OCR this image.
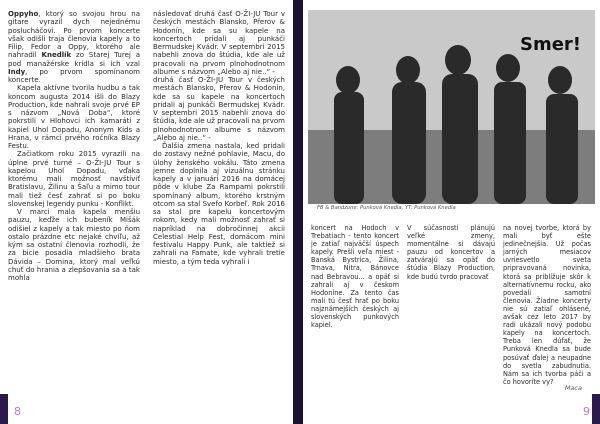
Oppyho, ktorý so svojou hrou na gitare vyrazil dych nejednému poslucháčovi. Po prvom koncerte však odišli traja členovia kapely a to Filip, Fedor a Oppy, ktorého ale nahradil Knedlík zo Starej Turej a pod manažérske krídla si ich vzal Indy, po prvom spomínanom koncerte.

Kapela aktívne tvorila hudbu a tak koncom augusta 2014 išli do Blazy Production, kde nahrali svoje prvé EP s názvom „Nová Doba“, ktoré pokrstili v Hlohovci ich kamaráti z kapiel Uhol Dopadu, Anonym Kids a Hrana, v rámci prvého ročníka Blazy Festu.

Začiatkom roku 2015 vyrazili na úplne prvé turné – O-ŽI-JU Tour s kapelou Uhol Dopadu, vďaka ktorému mali možnosť navštíviť Bratislavu, Žilinu a Šaľu a mimo tour mali tiež česť zahrať si po boku slovenskej legendy punku - Konflikt.

V marci mala kapela menšiu pauzu, keďže ich bubeník Mišák odišiel z kapely a tak miesto po ňom ostalo prázdne etc nejaké chvíľu, až kým sa ostatní členovia rozhodli, že za bicie posadia mladšieho brata Dávida – Domina, ktorý mal veľkú chuť do hrania a zlepšovania sa a tak mohla

následovať druhá časť O-ŽI-JU Tour v českých mestách Blansko, Přerov & Hodonín, kde sa su kapele na koncertoch pridali aj punkáči Bermudskej Kvádr. V septembri 2015 nabehli znova do štúdia, kde ale už pracovali na prvom plnohodnotnom albume s názvom „Alebo aj nie..“ -

druhá časť O-ŽI-JU Tour v českých mestách Blansko, Přerov & Hodonín, kde sa su kapele na koncertoch pridali aj punkáči Bermudskej Kvádr. V septembri 2015 nabehli znova do štúdia, kde ale už pracovali na prvom plnohodnotnom albume s názvom „Alebo aj nie..“ -

Ďalšia zmena nastala, ked pridali do zostavy nežné pohlavie, Macu, do úlohy ženského vokálu. Táto zmena jemne doplnila aj vizuálnu stránku kapely a v januári 2016 na domácej pôde v klube Za Rampami pokrstili spomínaný album, ktorého krstným otcom sa stal Svefo Korbeľ. Rok 2016 sa stal pre kapelu koncertovým rokom, kedy mali možnosť zahrať si napríklad na dobročinnej akcii Celestial Help Fest, domácom mini festivalu Happy Punk, ale taktiež si zahrali na Famate, kde vyhrali tretie miesto, a tým teda vyhrali i

8
Smer!
FB & Bandzone: Punková Knedla, YT: Punková Knedla

koncert na Hodoch v Trebatiach - tento koncert je zatiaľ najväčší úspech kapely. Prešli veľa miest - Banská Bystrica, Žilina, Trnava, Nitra, Bánovce nad Bebravou... a opäť si zahrali aj v českom Hodoníne. Za tento čas mali tú česť hrať po boku najznámejších českých aj slovenských punkových kapiel.

V súčasnosti plánujú veľké zmeny, momentálne si dávajú pauzu od koncertov a zatvárajú sa opäť do štúdia Blazy Production, kde budú tvrdo pracovať

na novej tvorbe, ktorá by mali byť ešte jedinečnejšia. Už počas jarných mesiacov uvriesvetlo sveta pripravovaná novinka, ktorá sa priblížuje skôr k alternatívnemu rocku, ako povedali samotní členovia. Žiadne koncerty nie sú zatiaľ ohlásené, avšak cez leto 2017 by radi ukázali nový podobu kapely na koncertoch. Treba len dúfať, že Punková Knedla sa bude posúvať ďalej a neupadne do svetla zabudnutia. Nám sa ich tvorba páči a čo hovoríte vy?

Maca
9
